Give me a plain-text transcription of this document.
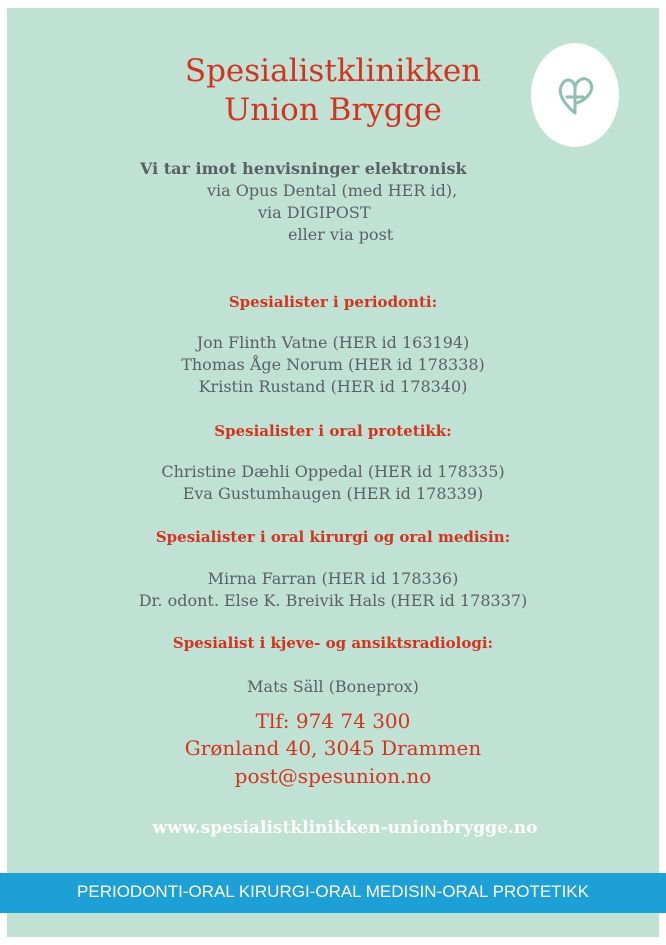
Spesialistklinikken
Union Brygge
Vi tar imot henvisninger elektronisk
via Opus Dental (med HER id),
via DIGIPOST
eller via post
Spesialister i periodonti:
Jon Flinth Vatne (HER id 163194)
Thomas Åge Norum (HER id 178338)
Kristin Rustand (HER id 178340)
Spesialister i oral protetikk:
Christine Dæhli Oppedal (HER id 178335)
Eva Gustumhaugen (HER id 178339)
Spesialister i oral kirurgi og oral medisin:
Mirna Farran (HER id 178336)
Dr. odont. Else K. Breivik Hals (HER id 178337)
Spesialist i kjeve- og ansiktsradiologi:
Mats Säll (Boneprox)
Tlf: 974 74 300
Grønland 40, 3045 Drammen
post@spesunion.no
www.spesialistklinikken-unionbrygge.no
PERIODONTI-ORAL KIRURGI-ORAL MEDISIN-ORAL PROTETIKK
